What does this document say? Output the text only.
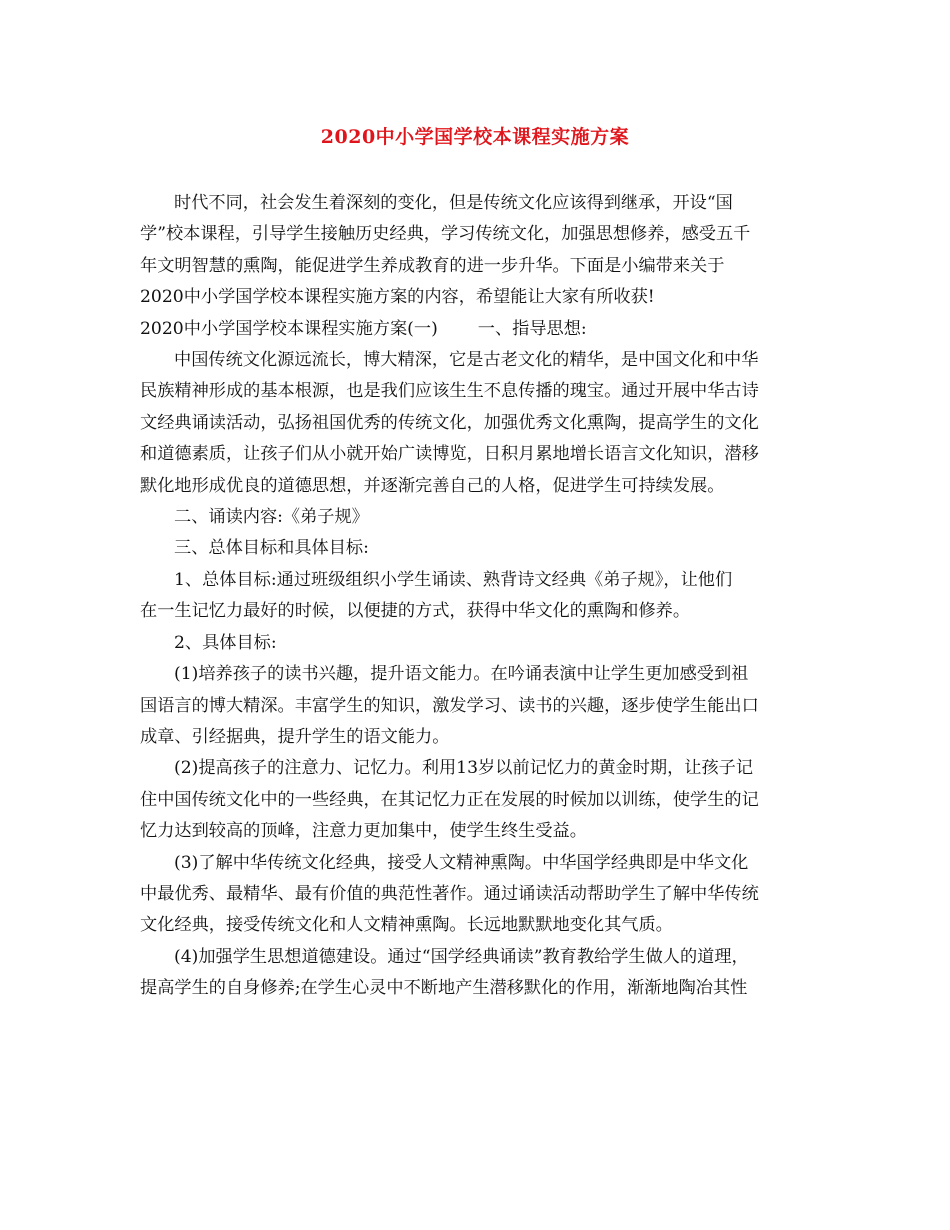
2020中小学国学校本课程实施方案

时代不同，社会发生着深刻的变化，但是传统文化应该得到继承，开设“国

学”校本课程，引导学生接触历史经典，学习传统文化，加强思想修养，感受五千

年文明智慧的熏陶，能促进学生养成教育的进一步升华。下面是小编带来关于

2020中小学国学校本课程实施方案的内容，希望能让大家有所收获!

2020中小学国学校本课程实施方案(一) 一、指导思想:

中国传统文化源远流长，博大精深，它是古老文化的精华，是中国文化和中华

民族精神形成的基本根源，也是我们应该生生不息传播的瑰宝。通过开展中华古诗

文经典诵读活动，弘扬祖国优秀的传统文化，加强优秀文化熏陶，提高学生的文化

和道德素质，让孩子们从小就开始广读博览，日积月累地增长语言文化知识，潜移

默化地形成优良的道德思想，并逐渐完善自己的人格，促进学生可持续发展。

二、诵读内容:《弟子规》

三、总体目标和具体目标:

1、总体目标:通过班级组织小学生诵读、熟背诗文经典《弟子规》，让他们

在一生记忆力最好的时候，以便捷的方式，获得中华文化的熏陶和修养。

2、具体目标:

(1)培养孩子的读书兴趣，提升语文能力。在吟诵表演中让学生更加感受到祖

国语言的博大精深。丰富学生的知识，激发学习、读书的兴趣，逐步使学生能出口

成章、引经据典，提升学生的语文能力。

(2)提高孩子的注意力、记忆力。利用13岁以前记忆力的黄金时期，让孩子记

住中国传统文化中的一些经典，在其记忆力正在发展的时候加以训练，使学生的记

忆力达到较高的顶峰，注意力更加集中，使学生终生受益。

(3)了解中华传统文化经典，接受人文精神熏陶。中华国学经典即是中华文化

中最优秀、最精华、最有价值的典范性著作。通过诵读活动帮助学生了解中华传统

文化经典，接受传统文化和人文精神熏陶。长远地默默地变化其气质。

(4)加强学生思想道德建设。通过“国学经典诵读”教育教给学生做人的道理，

提高学生的自身修养;在学生心灵中不断地产生潜移默化的作用，渐渐地陶冶其性
